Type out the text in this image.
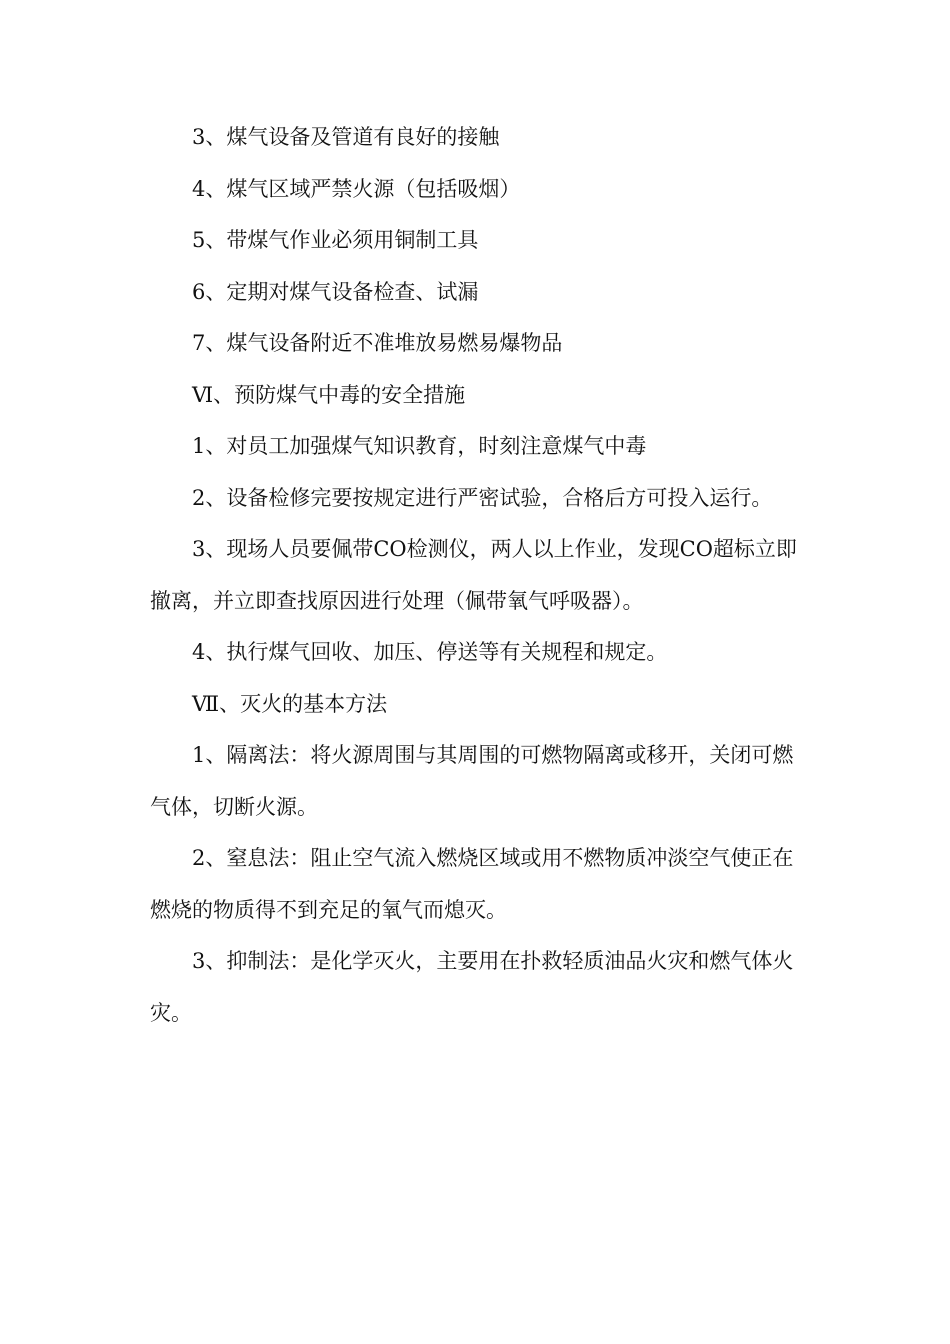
3、煤气设备及管道有良好的接触

4、煤气区域严禁火源（包括吸烟）

5、带煤气作业必须用铜制工具

6、定期对煤气设备检查、试漏

7、煤气设备附近不准堆放易燃易爆物品

Ⅵ、预防煤气中毒的安全措施

1、对员工加强煤气知识教育，时刻注意煤气中毒

2、设备检修完要按规定进行严密试验，合格后方可投入运行。

3、现场人员要佩带CO检测仪，两人以上作业，发现CO超标立即撤离，并立即查找原因进行处理（佩带氧气呼吸器）。

4、执行煤气回收、加压、停送等有关规程和规定。

Ⅶ、灭火的基本方法

1、隔离法：将火源周围与其周围的可燃物隔离或移开，关闭可燃气体，切断火源。

2、窒息法：阻止空气流入燃烧区域或用不燃物质冲淡空气使正在燃烧的物质得不到充足的氧气而熄灭。

3、抑制法：是化学灭火，主要用在扑救轻质油品火灾和燃气体火灾。
